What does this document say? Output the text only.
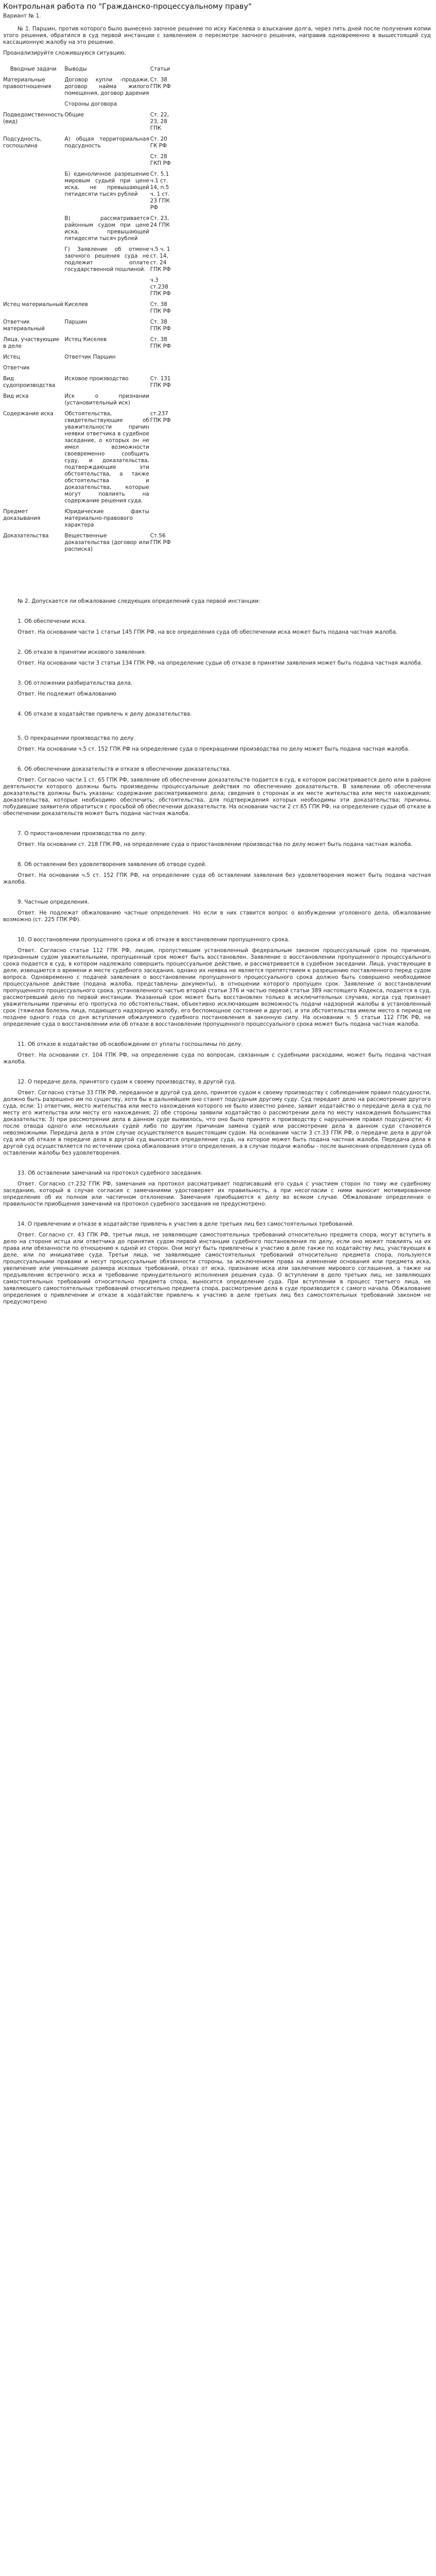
Контрольная работа по "Гражданско-процессуальному праву"
Вариант № 1.

№ 1. Паршин, против которого было вынесено заочное решение по иску Киселева о взыскании долга, через пять дней после получения копии этого решения, обратился в суд первой инстанции с заявлением о пересмотре заочного решения, направив одновременно в вышестоящий суд кассационную жалобу на это решение.

Проанализируйте сложившуюся ситуацию.

Вводные задачи	Выводы	Статьи

Материальные правоотношения	Договор купли -продажи, договор найма жилого помещения, договор дарения	Ст. 38 ГПК РФ

	Стороны договора	

Подведомственность (вид)	Общие	Ст. 22, 23, 28 ГПК

Подсудность, госпошлина	А) общая территориальная подсудность	Ст. 20 ГК РФ

		Ст. 28 ГКП РФ

	Б) единоличное разрешение мировым судьей при цене иска, не превышающей пятидесяти тысяч рублей	Ст. 5.1 ч.1 ст. 14, п.5 ч. 1 ст. 23 ГПК РФ

	В) рассматривается районным судом при цене иска, превышающей пятидесяти тысяч рублей	Ст. 23, 24 ГПК

	Г) Заявление об отмене заочного решения суда не подлежит оплате государственной пошлиной.	ч.5 ч. 1 ст. 14, ст. 24 ГПК РФ

		ч.3 ст.238 ГПК РФ

Истец материальный	Киселев	Ст. 38 ГПК РФ

Ответчик материальный	Паршин	Ст. 38 ГПК РФ

Лица, участвующие в деле	Истец Киселев	Ст. 38 ГПК РФ

Истец	Ответчик Паршин	

Ответчик		

Вид судопроизводства	Исковое производство	Ст. 131 ГПК РФ

Вид иска	Иск о признании (установительный иск)	

Содержание иска	Обстоятельства, свидетельствующие об уважительности причин неявки ответчика в судебное заседание, о которых он не имел возможности своевременно сообщить суду, и доказательства, подтверждающие эти обстоятельства, а также обстоятельства и доказательства, которые могут повлиять на содержание решения суда.	ст.237 ГПК РФ

Предмет доказывания	Юридические факты материально-правового характера	

Доказательства	Вещественные доказательства (договор или расписка)	Ст.56 ГПК РФ

№ 2. Допускается ли обжалование следующих определений суда первой инстанции:

1. Об обеспечении иска.

Ответ. На основании части 1 статьи 145 ГПК РФ, на все определения суда об обеспечении иска может быть подана частная жалоба.

2. Об отказе в принятии искового заявления.

Ответ. На основании части 3 статьи 134 ГПК РФ, на определение судьи об отказе в принятии заявления может быть подана частная жалоба.

3. Об отложении разбирательства дела.

Ответ. Не подлежит обжалованию

4. Об отказе в ходатайстве привлечь к делу доказательства.

5. О прекращении производства по делу.

Ответ. На основании ч.5 ст. 152 ГПК РФ на определение суда о прекращении производства по делу может быть подана частная жалоба.

6. Об обеспечении доказательств и отказе в обеспечении доказательства.

Ответ. Согласно части 1 ст. 65 ГПК РФ, заявление об обеспечении доказательств подается в суд, в котором рассматривается дело или в районе деятельности которого должны быть произведены процессуальные действия по обеспечению доказательств. В заявлении об обеспечении доказательств должны быть указаны: содержание рассматриваемого дела; сведения о сторонах и их месте жительства или месте нахождения; доказательства, которые необходимо обеспечить; обстоятельства, для подтверждения которых необходимы эти доказательства; причины, побудившие заявителя обратиться с просьбой об обеспечении доказательств. На основании части 2 ст.65 ГПК РФ, на определение судьи об отказе в обеспечении доказательств может быть подана частная жалоба.

7. О приостановлении производства по делу.

Ответ. На основании ст. 218 ГПК РФ, на определение суда о приостановлении производства по делу может быть подана частная жалоба.

8. Об оставлении без удовлетворения заявления об отводе судей.

Ответ. На основании ч.5 ст. 152 ГПК РФ, на определение суда об оставлении заявления без удовлетворения может быть подана частная жалоба.

9. Частные определения.

Ответ. Не подлежат обжалованию частные определения. Но если в них ставится вопрос о возбуждении уголовного дела, обжалование возможно (ст. 225 ГПК РФ).

10. О восстановлении пропущенного срока и об отказе в восстановлении пропущенного срока.

Ответ. Согласно статье 112 ГПК РФ, лицам, пропустившим установленный федеральным законом процессуальный срок по причинам, признанным судом уважительными, пропущенный срок может быть восстановлен. Заявление о восстановлении пропущенного процессуального срока подается в суд, в котором надлежало совершить процессуальное действие, и рассматривается в судебном заседании. Лица, участвующие в деле, извещаются о времени и месте судебного заседания, однако их неявка не является препятствием к разрешению поставленного перед судом вопроса. Одновременно с подачей заявления о восстановлении пропущенного процессуального срока должно быть совершено необходимое процессуальное действие (подана жалоба, представлены документы), в отношении которого пропущен срок. Заявление о восстановлении пропущенного процессуального срока, установленного частью второй статьи 376 и частью первой статьи 389 настоящего Кодекса, подается в суд, рассмотревший дело по первой инстанции. Указанный срок может быть восстановлен только в исключительных случаях, когда суд признает уважительными причины его пропуска по обстоятельствам, объективно исключающим возможность подачи надзорной жалобы в установленный срок (тяжелая болезнь лица, подающего надзорную жалобу, его беспомощное состояние и другое), и эти обстоятельства имели место в период не позднее одного года со дня вступления обжалуемого судебного постановления в законную силу. На основании ч. 5 статьи 112 ГПК РФ, на определение суда о восстановлении или об отказе в восстановлении пропущенного процессуального срока может быть подана частная жалоба.

11. Об отказе в ходатайстве об освобождении от уплаты госпошлины по делу.

Ответ. На основании ст. 104 ГПК РФ, на определение суда по вопросам, связанным с судебными расходами, может быть подана частная жалоба.

12. О передаче дела, принятого судом к своему производству, в другой суд.

Ответ. Согласно статье 33 ГПК РФ, переданное в другой суд дело, принятое судом к своему производству с соблюдением правил подсудности, должно быть разрешено им по существу, хотя бы в дальнейшем оно станет подсудным другому суду. Суд передает дело на рассмотрение другого суда, если: 1) ответчик, место жительства или место нахождения которого не было известно ранее, заявит ходатайство о передаче дела в суд по месту его жительства или месту его нахождения; 2) обе стороны заявили ходатайство о рассмотрении дела по месту нахождения большинства доказательств; 3) при рассмотрении дела в данном суде выявилось, что оно было принято к производству с нарушением правил подсудности; 4) после отвода одного или нескольких судей либо по другим причинам замена судей или рассмотрение дела в данном суде становятся невозможными. Передача дела в этом случае осуществляется вышестоящим судом. На основании части 3 ст.33 ГПК РФ, о передаче дела в другой суд или об отказе в передаче дела в другой суд выносится определение суда, на которое может быть подана частная жалоба. Передача дела в другой суд осуществляется по истечении срока обжалования этого определения, а в случае подачи жалобы - после вынесения определения суда об оставлении жалобы без удовлетворения.

13. Об оставлении замечаний на протокол судебного заседания.

Ответ. Согласно ст.232 ГПК РФ, замечания на протокол рассматривает подписавший его судья с участием сторон по тому же судебному заседанию, который в случае согласия с замечаниями удостоверяет их правильность, а при несогласии с ними выносит мотивированное определение об их полном или частичном отклонении. Замечания приобщаются к делу во всяком случае. Обжалование определения о правильности приобщения замечаний на протокол судебного заседания не предусмотрено.

14. О привлечении и отказе в ходатайстве привлечь к участию в деле третьих лиц без самостоятельных требований.

Ответ. Согласно ст. 43 ГПК РФ, третьи лица, не заявляющие самостоятельных требований относительно предмета спора, могут вступить в дело на стороне истца или ответчика до принятия судом первой инстанции судебного постановления по делу, если оно может повлиять на их права или обязанности по отношению к одной из сторон. Они могут быть привлечены к участию в деле также по ходатайству лиц, участвующих в деле, или по инициативе суда. Третьи лица, не заявляющие самостоятельных требований относительно предмета спора, пользуются процессуальными правами и несут процессуальные обязанности стороны, за исключением права на изменение основания или предмета иска, увеличение или уменьшение размера исковых требований, отказ от иска, признание иска или заключение мирового соглашения, а также на предъявление встречного иска и требование принудительного исполнения решения суда. О вступлении в дело третьих лиц, не заявляющих самостоятельных требований относительно предмета спора, выносится определение суда. При вступлении в процесс третьего лица, не заявляющего самостоятельных требований относительно предмета спора, рассмотрение дела в суде производится с самого начала. Обжалование определения о привлечении и отказе в ходатайстве привлечь к участию в деле третьих лиц без самостоятельных требований законом не предусмотрено
